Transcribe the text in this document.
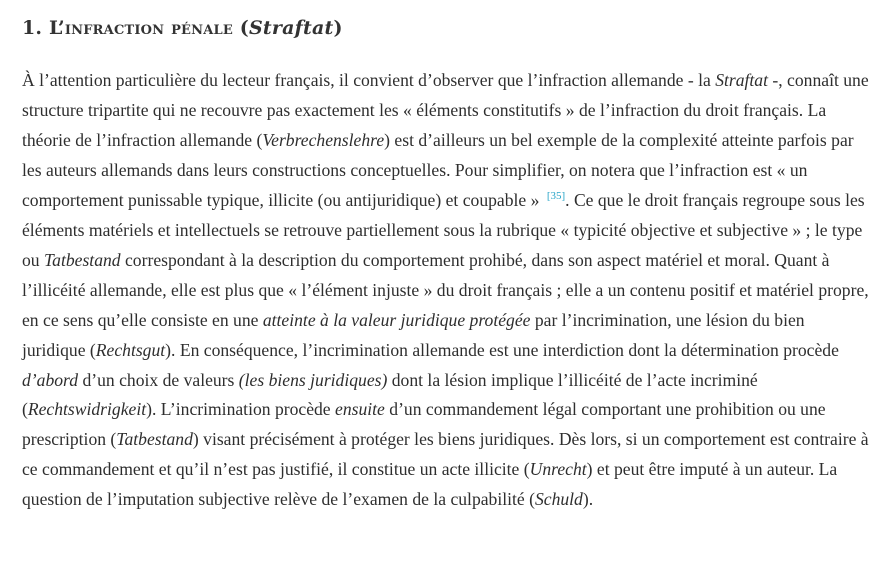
1. L’infraction pénale (Straftat)

À l’attention particulière du lecteur français, il convient d’observer que l’infraction allemande - la Straftat -, connaît une structure tripartite qui ne recouvre pas exactement les « éléments constitutifs » de l’infraction du droit français. La théorie de l’infraction allemande (Verbrechenslehre) est d’ailleurs un bel exemple de la complexité atteinte parfois par les auteurs allemands dans leurs constructions conceptuelles. Pour simplifier, on notera que l’infraction est « un comportement punissable typique, illicite (ou antijuridique) et coupable » [35]. Ce que le droit français regroupe sous les éléments matériels et intellectuels se retrouve partiellement sous la rubrique « typicité objective et subjective » ; le type ou Tatbestand correspondant à la description du comportement prohibé, dans son aspect matériel et moral. Quant à l’illicéité allemande, elle est plus que « l’élément injuste » du droit français ; elle a un contenu positif et matériel propre, en ce sens qu’elle consiste en une atteinte à la valeur juridique protégée par l’incrimination, une lésion du bien juridique (Rechtsgut). En conséquence, l’incrimination allemande est une interdiction dont la détermination procède d’abord d’un choix de valeurs (les biens juridiques) dont la lésion implique l’illicéité de l’acte incriminé (Rechtswidrigkeit). L’incrimination procède ensuite d’un commandement légal comportant une prohibition ou une prescription (Tatbestand) visant précisément à protéger les biens juridiques. Dès lors, si un comportement est contraire à ce commandement et qu’il n’est pas justifié, il constitue un acte illicite (Unrecht) et peut être imputé à un auteur. La question de l’imputation subjective relève de l’examen de la culpabilité (Schuld).
